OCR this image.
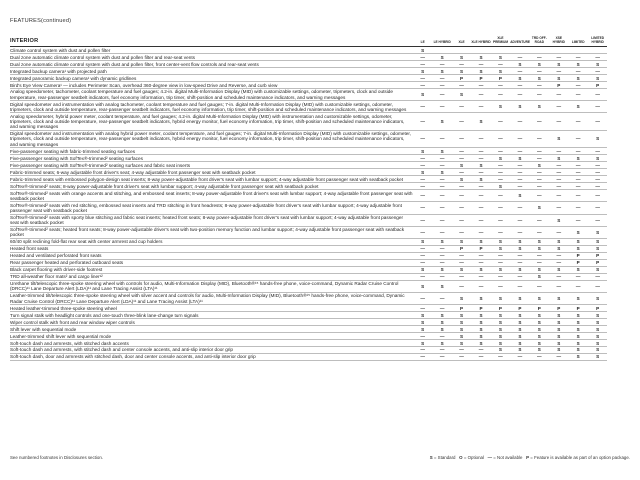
FEATURES(continued)
INTERIOR	LE	LE HYBRID	XLE	XLE HYBRID	XLE PREMIUM	ADVENTURE	TRD OFF-ROAD	XSE HYBRID	LIMITED	LIMITED HYBRID
Climate control system with dust and pollen filter	S									
Dual zone automatic climate control system with dust and pollen filter and rear-seat vents	—	S	S	S	S	—	—	—	—	—
Dual zone automatic climate control system with dust and pollen filter, front center-vent flow controls and rear-seat vents	—	—	—	—	—	S	S	S	S	S
Integrated backup camera¹ with projected path	S	S	S	S	S	—	—	—	—	—
Integrated panoramic backup camera¹ with dynamic gridlines	—	—	P	P	P	S	S	S	S	S
Bird's Eye View Camera¹ — includes Perimeter Scan, overhead 360-degree view in low-speed Drive and Reverse, and curb view	—	—	—	—	—	—	—	P	—	P
Analog speedometer, tachometer, coolant temperature and fuel gauges; 4.2-in. digital Multi-Information Display (MID) with customizable settings, odometer, tripmeters, clock and outside temperature, rear-passenger seatbelt indicators, fuel economy information, trip timer, shift-position and scheduled maintenance indicators, and warning messages	S	—	S	—	—	—	—	—	—	—
Digital speedometer and instrumentation with analog tachometer, coolant temperature and fuel gauges; 7-in. digital Multi-Information Display (MID) with customizable settings, odometer, tripmeters, clock and outside temperature, rear-passenger seatbelt indicators, fuel economy information, trip timer, shift-position and scheduled maintenance indicators, and warning messages	—	—	—	—	S	S	S	—	S	—
Analog speedometer, hybrid power meter, coolant temperature, and fuel gauges; 4.2-in. digital Multi-Information Display (MID) with instrumentation and customizable settings, odometer, tripmeters, clock and outside temperature, rear-passenger seatbelt indicators, hybrid energy monitor, fuel economy information, trip timer, shift-position and scheduled maintenance indicators, and warning messages	—	S	—	S	—	—	—	—	—	—
Digital speedometer and instrumentation with analog hybrid power meter, coolant temperature, and fuel gauges; 7-in. digital Multi-Information Display (MID) with customizable settings, odometer, tripmeters, clock and outside temperature, rear-passenger seatbelt indicators, hybrid energy monitor, fuel economy information, trip timer, shift-position and scheduled maintenance indicators, and warning messages	—	—	—	—	—	—	—	S	—	S
Five-passenger seating with fabric-trimmed seating surfaces	S	S	—	—	—	—	—	—	—	—
Five-passenger seating with SofTex®-trimmed² seating surfaces	—	—	—	—	S	S	—	S	S	S
Five-passenger seating with SofTex®-trimmed² seating surfaces and fabric seat inserts	—	—	S	S	—	—	S	—	—	—
Fabric-trimmed seats; 6-way adjustable front driver's seat; 4-way adjustable front passenger seat with seatback pocket	S	S	—	—	—	—	—	—	—	—
Fabric-trimmed seats with embossed polygon-design seat inserts; 8-way power-adjustable front driver's seat with lumbar support; 4-way adjustable front passenger seat with seatback pocket	—	—	S	S	—	—	—	—	—	—
SofTex®-trimmed² seats; 8-way power-adjustable front driver's seat with lumbar support; 4-way adjustable front passenger seat with seatback pocket	—	—	—	—	S	—	—	—	—	—
SofTex®-trimmed² seats with orange accents and stitching, and embossed seat inserts; 8-way power-adjustable front driver's seat with lumbar support; 4-way adjustable front passenger seat with seatback pocket	—	—	—	—	—	S	—	—	—	—
SofTex®-trimmed² seats with red stitching, embossed seat inserts and TRD stitching in front headrests; 8-way power-adjustable front driver's seat with lumbar support; 4-way adjustable front passenger seat with seatback pocket	—	—	—	—	—	—	S	—	—	—
SofTex®-trimmed² seats with sporty blue stitching and fabric seat inserts; heated front seats; 8-way power-adjustable front driver's seat with lumbar support; 4-way adjustable front passenger seat with seatback pocket	—	—	—	—	—	—	—	S	—	—
SofTex®-trimmed² seats; heated front seats; 8-way power-adjustable driver's seat with two-position memory function and lumbar support; 4-way adjustable front passenger seat with seatback pocket	—	—	—	—	—	—	—	—	S	S
60/40 split reclining fold-flat rear seat with center armrest and cup holders	S	S	S	S	S	S	S	S	S	S
Heated front seats	—	—	P	P	S	S	S	S	S	S
Heated and ventilated perforated front seats	—	—	—	—	—	—	—	—	P	P
Rear passenger heated and perforated outboard seats	—	—	—	—	—	—	—	—	P	P
Black carpet flooring with driver-side footrest	S	S	S	S	S	S	S	S	S	S
TRD all-weather floor mats² and cargo liner¹²	—	—	—	—	—	—	S	—	—	—
Urethane tilt/telescopic three-spoke steering wheel with controls for audio, Multi-Information Display (MID), Bluetooth®¹⁵ hands-free phone, voice-command, Dynamic Radar Cruise Control (DRCC)¹¹ Lane Departure Alert (LDA)¹¹ and Lane Tracing Assist (LTA)¹¹	S	S	—	—	—	—	—	—	—	—
Leather-trimmed tilt/telescopic three-spoke steering wheel with silver accent and controls for audio, Multi-Information Display (MID), Bluetooth®¹⁵ hands-free phone, voice-command, Dynamic Radar Cruise Control (DRCC)¹¹ Lane Departure Alert (LDA)¹¹ and Lane Tracing Assist (LTA)¹¹	—	—	S	S	S	S	S	S	S	S
Heated leather-trimmed three-spoke steering wheel	—	—	P	P	P	P	P	P	P	P
Turn signal stalk with headlight controls and one-touch three-blink lane-change turn signals	S	S	S	S	S	S	S	S	S	S
Wiper control stalk with front and rear window wiper controls	S	S	S	S	S	S	S	S	S	S
Shift lever with sequential mode	S	S	S	S	S	S	S	S	S	S
Leather-trimmed shift lever with sequential mode	—	—	S	S	S	S	S	S	S	S
Soft-touch dash and armrests, with stitched dash accents	S	S	S	S	S	S	S	S	S	S
Soft-touch dash and armrests, with stitched dash and center console accents, and anti-slip interior door grip	—	—	—	—	S	S	S	S	S	S
Soft-touch dash, door and armrests with stitched dash, door and center console accents, and anti-slip interior door grip	—	—	—	—	—	—	—	—	S	S
See numbered footnotes in Disclosures section.	S = Standard O = Optional — = Not available P = Feature is available as part of an option package.
